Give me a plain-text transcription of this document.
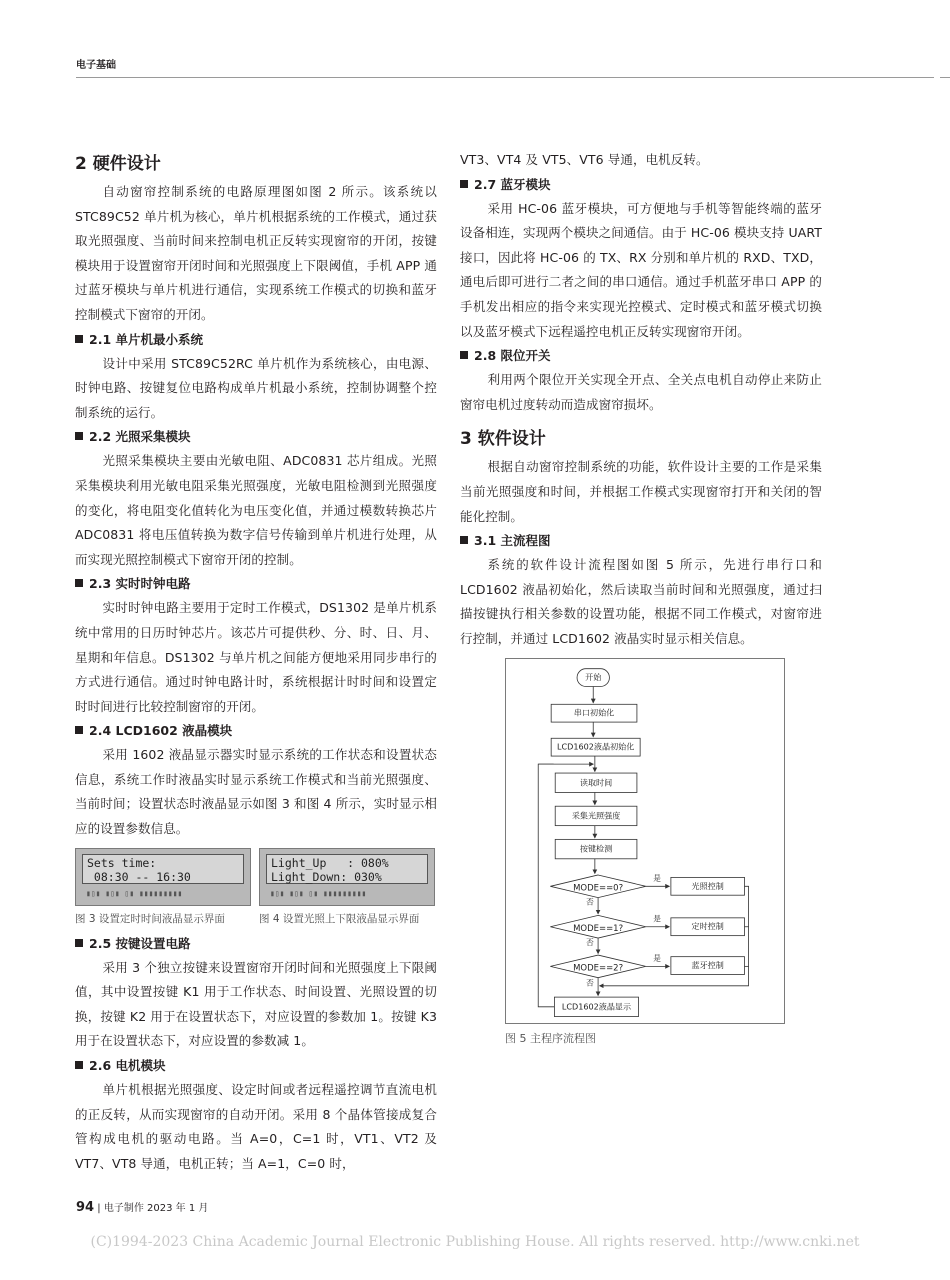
电子基础
2 硬件设计

自动窗帘控制系统的电路原理图如图 2 所示。该系统以 STC89C52 单片机为核心，单片机根据系统的工作模式，通过获取光照强度、当前时间来控制电机正反转实现窗帘的开闭，按键模块用于设置窗帘开闭时间和光照强度上下限阈值，手机 APP 通过蓝牙模块与单片机进行通信，实现系统工作模式的切换和蓝牙控制模式下窗帘的开闭。

2.1 单片机最小系统

设计中采用 STC89C52RC 单片机作为系统核心，由电源、时钟电路、按键复位电路构成单片机最小系统，控制协调整个控制系统的运行。

2.2 光照采集模块

光照采集模块主要由光敏电阻、ADC0831 芯片组成。光照采集模块利用光敏电阻采集光照强度，光敏电阻检测到光照强度的变化，将电阻变化值转化为电压变化值，并通过模数转换芯片 ADC0831 将电压值转换为数字信号传输到单片机进行处理，从而实现光照控制模式下窗帘开闭的控制。

2.3 实时时钟电路

实时时钟电路主要用于定时工作模式，DS1302 是单片机系统中常用的日历时钟芯片。该芯片可提供秒、分、时、日、月、星期和年信息。DS1302 与单片机之间能方便地采用同步串行的方式进行通信。通过时钟电路计时，系统根据计时时间和设置定时时间进行比较控制窗帘的开闭。

2.4 LCD1602 液晶模块

采用 1602 液晶显示器实时显示系统的工作状态和设置状态信息，系统工作时液晶实时显示系统工作模式和当前光照强度、当前时间；设置状态时液晶显示如图 3 和图 4 所示，实时显示相应的设置参数信息。

Sets time:
08:30 -- 16:30
▮▯▮ ▮▯▮ ▯▮ ▮▮▮▮▮▮▮▮▮
图 3 设置定时时间液晶显示界面
Light_Up   : 080%
Light_Down: 030%
▮▯▮ ▮▯▮ ▯▮ ▮▮▮▮▮▮▮▮▮
图 4 设置光照上下限液晶显示界面
2.5 按键设置电路

采用 3 个独立按键来设置窗帘开闭时间和光照强度上下限阈值，其中设置按键 K1 用于工作状态、时间设置、光照设置的切换，按键 K2 用于在设置状态下，对应设置的参数加 1。按键 K3 用于在设置状态下，对应设置的参数减 1。

2.6 电机模块

单片机根据光照强度、设定时间或者远程遥控调节直流电机的正反转，从而实现窗帘的自动开闭。采用 8 个晶体管接成复合管构成电机的驱动电路。当 A=0，C=1 时，VT1、VT2 及 VT7、VT8 导通，电机正转；当 A=1，C=0 时，

VT3、VT4 及 VT5、VT6 导通，电机反转。

2.7 蓝牙模块

采用 HC-06 蓝牙模块，可方便地与手机等智能终端的蓝牙设备相连，实现两个模块之间通信。由于 HC-06 模块支持 UART 接口，因此将 HC-06 的 TX、RX 分别和单片机的 RXD、TXD，通电后即可进行二者之间的串口通信。通过手机蓝牙串口 APP 的手机发出相应的指令来实现光控模式、定时模式和蓝牙模式切换以及蓝牙模式下远程遥控电机正反转实现窗帘开闭。

2.8 限位开关

利用两个限位开关实现全开点、全关点电机自动停止来防止窗帘电机过度转动而造成窗帘损坏。

3 软件设计

根据自动窗帘控制系统的功能，软件设计主要的工作是采集当前光照强度和时间，并根据工作模式实现窗帘打开和关闭的智能化控制。

3.1 主流程图

系统的软件设计流程图如图 5 所示，先进行串行口和 LCD1602 液晶初始化，然后读取当前时间和光照强度，通过扫描按键执行相关参数的设置功能，根据不同工作模式，对窗帘进行控制，并通过 LCD1602 液晶实时显示相关信息。

开始
串口初始化
LCD1602液晶初始化
读取时间
采集光照强度
按键检测
MODE==0?
MODE==1?
MODE==2?
光照控制
定时控制
蓝牙控制
LCD1602液晶显示
是
是
是
否
否
否
图 5 主程序流程图
94 | 电子制作 2023 年 1 月
(C)1994-2023 China Academic Journal Electronic Publishing House. All rights reserved. http://www.cnki.net
